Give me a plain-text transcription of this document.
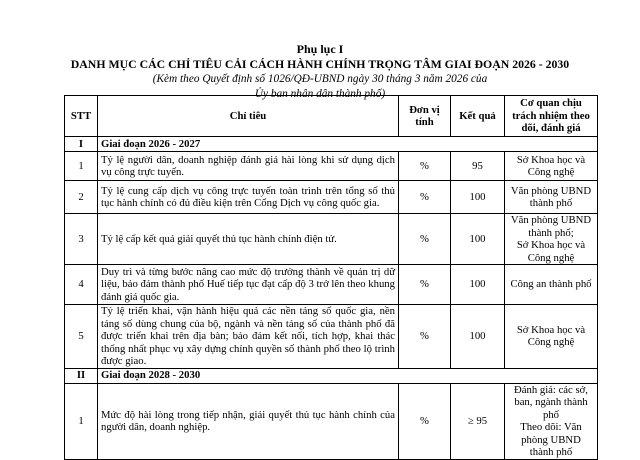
Phụ lục I
DANH MỤC CÁC CHỈ TIÊU CẢI CÁCH HÀNH CHÍNH TRỌNG TÂM GIAI ĐOẠN 2026 - 2030
(Kèm theo Quyết định số 1026/QĐ-UBND ngày 30 tháng 3 năm 2026 của
Ủy ban nhân dân thành phố)
STT	Chỉ tiêu	Đơn vị tính	Kết quả	Cơ quan chịu trách nhiệm theo dõi, đánh giá
I	Giai đoạn 2026 - 2027			
1	Tỷ lệ người dân, doanh nghiệp đánh giá hài lòng khi sử dụng dịch vụ công trực tuyến.	%	95	Sở Khoa học và Công nghệ
2	Tỷ lệ cung cấp dịch vụ công trực tuyến toàn trình trên tổng số thủ tục hành chính có đủ điều kiện trên Cổng Dịch vụ công quốc gia.	%	100	Văn phòng UBND thành phố
3	Tỷ lệ cấp kết quả giải quyết thủ tục hành chính điện tử.	%	100	Văn phòng UBND thành phố;
Sở Khoa học và Công nghệ

4	Duy trì và từng bước nâng cao mức độ trưởng thành về quản trị dữ liệu, bảo đảm thành phố Huế tiếp tục đạt cấp độ 3 trở lên theo khung đánh giá quốc gia.	%	100	Công an thành phố
5	Tỷ lệ triển khai, vận hành hiệu quả các nền tảng số quốc gia, nền tảng số dùng chung của bộ, ngành và nền tảng số của thành phố đã được triển khai trên địa bàn; bảo đảm kết nối, tích hợp, khai thác thống nhất phục vụ xây dựng chính quyền số thành phố theo lộ trình được giao.	%	100	Sở Khoa học và Công nghệ
II	Giai đoạn 2028 - 2030			
1	Mức độ hài lòng trong tiếp nhận, giải quyết thủ tục hành chính của người dân, doanh nghiệp.	%	≥ 95	Đánh giá: các sở, ban, ngành thành phố
Theo dõi: Văn phòng UBND thành phố
